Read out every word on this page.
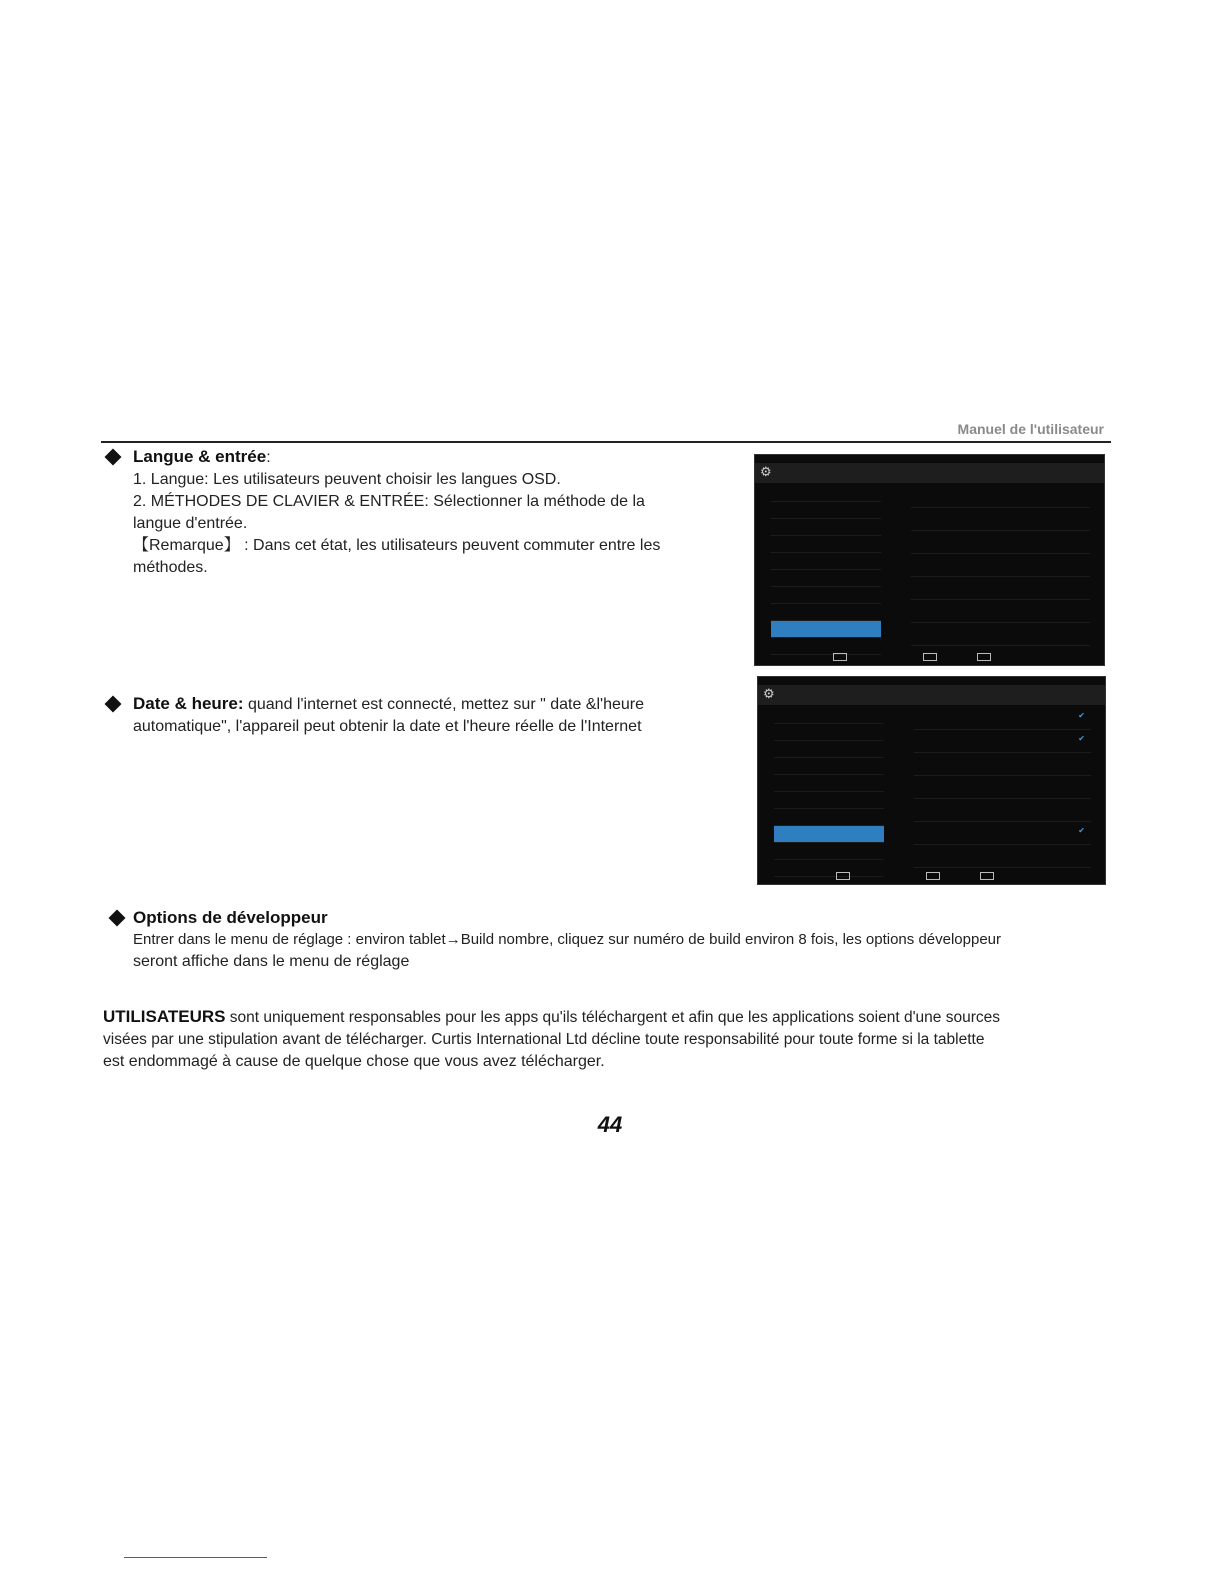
Manuel de l'utilisateur
Langue & entrée:
1. Langue: Les utilisateurs peuvent choisir les langues OSD.
2. MÉTHODES DE CLAVIER & ENTRÉE: Sélectionner la méthode de la
langue d'entrée.
【Remarque】 : Dans cet état, les utilisateurs peuvent commuter entre les
méthodes.
⚙
Date & heure: quand l'internet est connecté, mettez sur " date &l'heure
automatique", l'appareil peut obtenir la date et l'heure réelle de l'Internet
⚙
✔
✔
✔
Options de développeur
Entrer dans le menu de réglage : environ tablet→Build nombre, cliquez sur numéro de build environ 8 fois, les options développeur
seront affiche dans le menu de réglage
UTILISATEURS sont uniquement responsables pour les apps qu'ils téléchargent et afin que les applications soient d'une sources
visées par une stipulation avant de télécharger. Curtis International Ltd décline toute responsabilité pour toute forme si la tablette
est endommagé à cause de quelque chose que vous avez télécharger.
44
